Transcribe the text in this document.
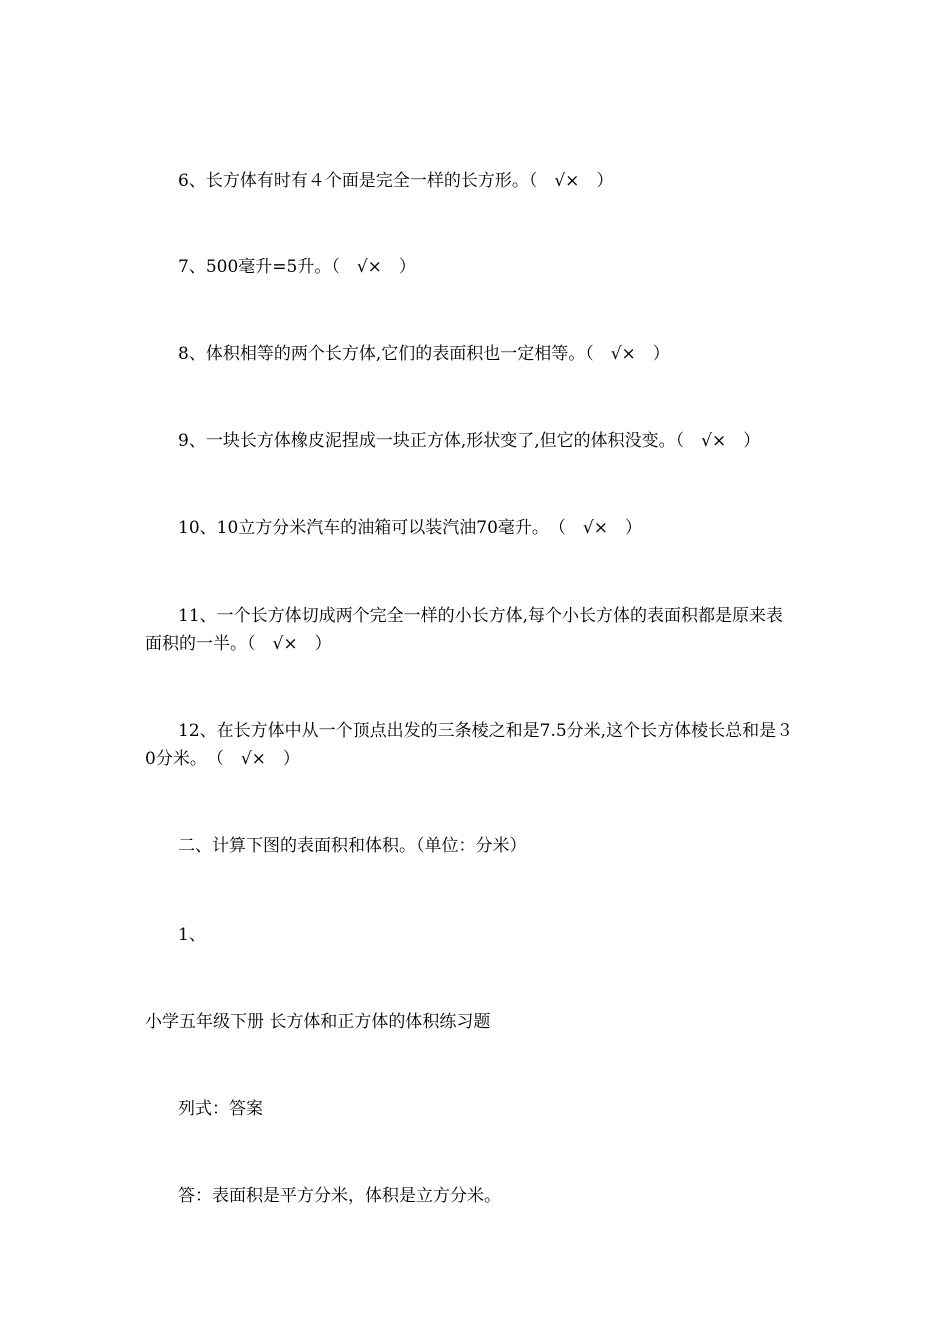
6、长方体有时有４个面是完全一样的长方形。（　√×　）
7、500毫升=5升。（　√×　）
8、体积相等的两个长方体,它们的表面积也一定相等。（　√×　）
9、一块长方体橡皮泥捏成一块正方体,形状变了,但它的体积没变。（　√×　）
10、10立方分米汽车的油箱可以装汽油70毫升。　（　√×　）
11、一个长方体切成两个完全一样的小长方体,每个小长方体的表面积都是原来表
面积的一半。（　√×　）
12、在长方体中从一个顶点出发的三条棱之和是7.5分米,这个长方体棱长总和是３
0分米。　（　√×　）
二、计算下图的表面积和体积。（单位：分米）
1、
小学五年级下册 长方体和正方体的体积练习题
列式：答案
答：表面积是平方分米，体积是立方分米。
